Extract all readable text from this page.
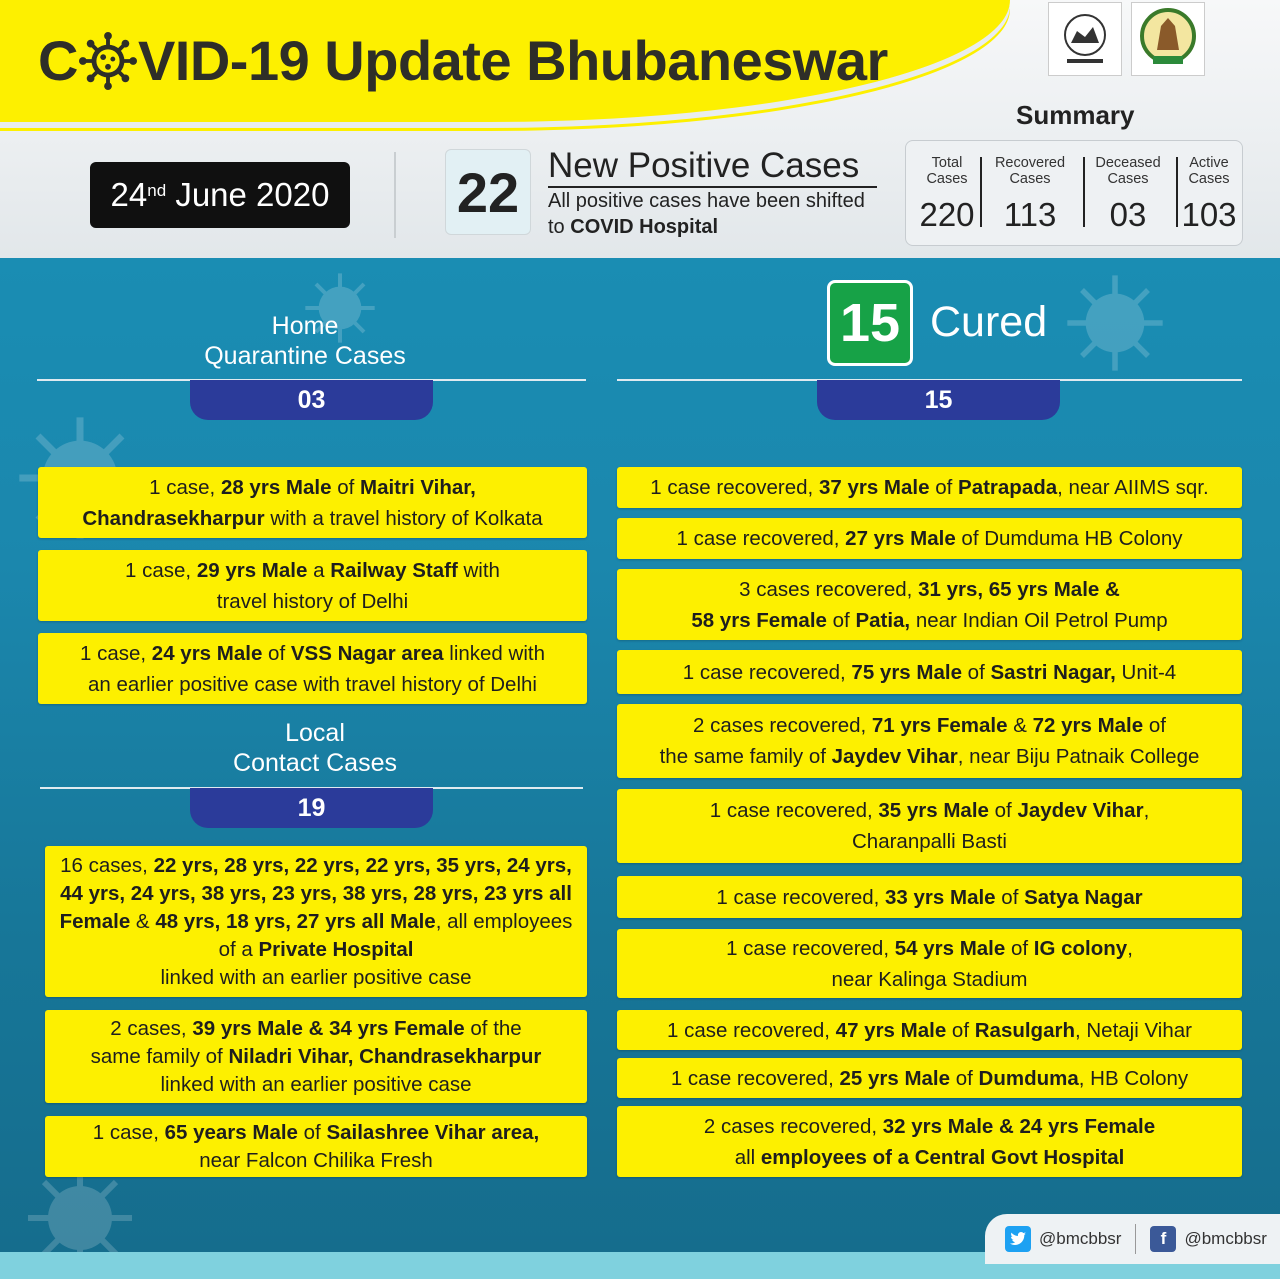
C VID-19 Update Bhubaneswar
Summary
24nd June 2020 22 New Positive Cases
All positive cases have been shifted
to COVID Hospital
Total
Cases
220
Recovered
Cases
113
Deceased
Cases
03
Active
Cases
103
Home
Quarantine Cases
03
1 case, 28 yrs Male of Maitri Vihar,
Chandrasekharpur with a travel history of Kolkata
1 case, 29 yrs Male a Railway Staff with
travel history of Delhi
1 case, 24 yrs Male of VSS Nagar area linked with
an earlier positive case with travel history of Delhi
Local
Contact Cases
19
16 cases, 22 yrs, 28 yrs, 22 yrs, 22 yrs, 35 yrs, 24 yrs, 44 yrs, 24 yrs, 38 yrs, 23 yrs, 38 yrs, 28 yrs, 23 yrs all Female & 48 yrs, 18 yrs, 27 yrs all Male, all employees of a Private Hospital
linked with an earlier positive case
2 cases, 39 yrs Male & 34 yrs Female of the
same family of Niladri Vihar, Chandrasekharpur
linked with an earlier positive case
1 case, 65 years Male of Sailashree Vihar area,
near Falcon Chilika Fresh
15 Cured
15
1 case recovered, 37 yrs Male of Patrapada, near AIIMS sqr.
1 case recovered, 27 yrs Male of Dumduma HB Colony
3 cases recovered, 31 yrs, 65 yrs Male &
58 yrs Female of Patia, near Indian Oil Petrol Pump
1 case recovered, 75 yrs Male of Sastri Nagar, Unit-4
2 cases recovered, 71 yrs Female & 72 yrs Male of
the same family of Jaydev Vihar, near Biju Patnaik College
1 case recovered, 35 yrs Male of Jaydev Vihar,
Charanpalli Basti
1 case recovered, 33 yrs Male of Satya Nagar
1 case recovered, 54 yrs Male of IG colony,
near Kalinga Stadium
1 case recovered, 47 yrs Male of Rasulgarh, Netaji Vihar
1 case recovered, 25 yrs Male of Dumduma, HB Colony
2 cases recovered, 32 yrs Male & 24 yrs Female
all employees of a Central Govt Hospital
@bmcbbsr	f	@bmcbbsr
